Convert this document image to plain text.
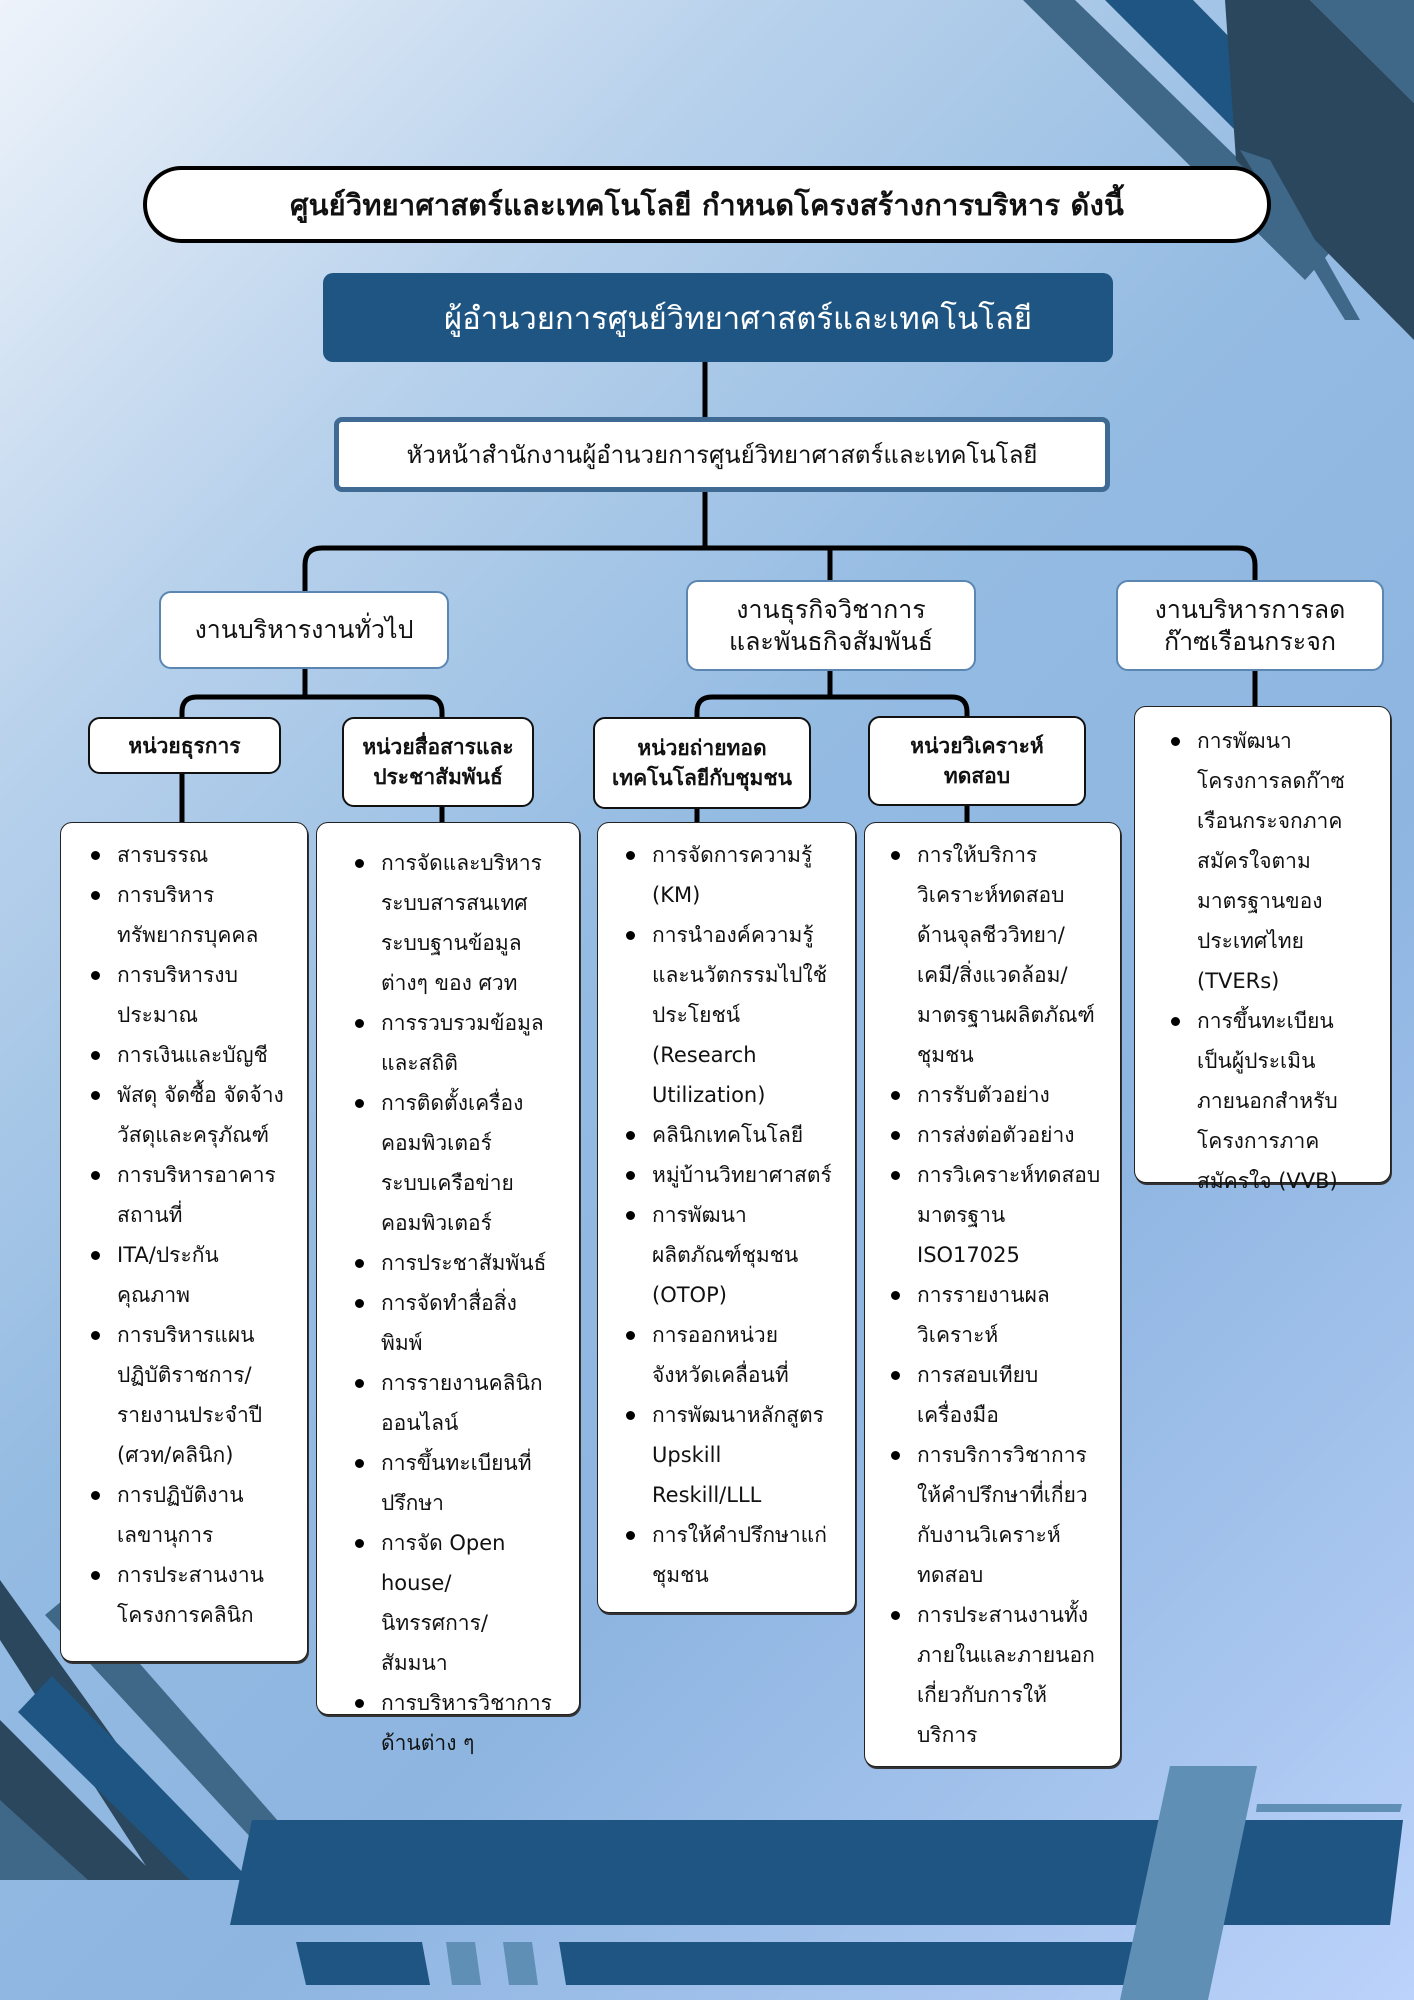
ศูนย์วิทยาศาสตร์และเทคโนโลยี กำหนดโครงสร้างการบริหาร ดังนี้
ผู้อำนวยการศูนย์วิทยาศาสตร์และเทคโนโลยี
หัวหน้าสำนักงานผู้อำนวยการศูนย์วิทยาศาสตร์และเทคโนโลยี
งานบริหารงานทั่วไป
งานธุรกิจวิชาการ
และพันธกิจสัมพันธ์
งานบริหารการลด
ก๊าซเรือนกระจก
หน่วยธุรการ	หน่วยสื่อสารและ
ประชาสัมพันธ์
หน่วยถ่ายทอด
เทคโนโลยีกับชุมชน
หน่วยวิเคราะห์
ทดสอบ
สารบรรณ
การบริหาร
ทรัพยากรบุคคล
การบริหารงบ
ประมาณ
การเงินและบัญชี
พัสดุ จัดซื้อ จัดจ้าง
วัสดุและครุภัณฑ์
การบริหารอาคาร
สถานที่
ITA/ประกัน
คุณภาพ
การบริหารแผน
ปฏิบัติราชการ/
รายงานประจำปี
(ศวท/คลินิก)
การปฏิบัติงาน
เลขานุการ
การประสานงาน
โครงการคลินิก
การจัดและบริหาร
ระบบสารสนเทศ
ระบบฐานข้อมูล
ต่างๆ ของ ศวท
การรวบรวมข้อมูล
และสถิติ
การติดตั้งเครื่อง
คอมพิวเตอร์
ระบบเครือข่าย
คอมพิวเตอร์
การประชาสัมพันธ์
การจัดทำสื่อสิ่ง
พิมพ์
การรายงานคลินิก
ออนไลน์
การขึ้นทะเบียนที่
ปรึกษา
การจัด Open
house/
นิทรรศการ/
สัมมนา
การบริหารวิชาการ
ด้านต่าง ๆ
การจัดการความรู้
(KM)
การนำองค์ความรู้
และนวัตกรรมไปใช้
ประโยชน์
(Research
Utilization)
คลินิกเทคโนโลยี
หมู่บ้านวิทยาศาสตร์
การพัฒนา
ผลิตภัณฑ์ชุมชน
(OTOP)
การออกหน่วย
จังหวัดเคลื่อนที่
การพัฒนาหลักสูตร
Upskill
Reskill/LLL
การให้คำปรึกษาแก่
ชุมชน
การให้บริการ
วิเคราะห์ทดสอบ
ด้านจุลชีววิทยา/
เคมี/สิ่งแวดล้อม/
มาตรฐานผลิตภัณฑ์
ชุมชน
การรับตัวอย่าง
การส่งต่อตัวอย่าง
การวิเคราะห์ทดสอบ
มาตรฐาน
ISO17025
การรายงานผล
วิเคราะห์
การสอบเทียบ
เครื่องมือ
การบริการวิชาการ
ให้คำปรึกษาที่เกี่ยว
กับงานวิเคราะห์
ทดสอบ
การประสานงานทั้ง
ภายในและภายนอก
เกี่ยวกับการให้
บริการ
การพัฒนา
โครงการลดก๊าซ
เรือนกระจกภาค
สมัครใจตาม
มาตรฐานของ
ประเทศไทย
(TVERs)
การขึ้นทะเบียน
เป็นผู้ประเมิน
ภายนอกสำหรับ
โครงการภาค
สมัครใจ (VVB)
